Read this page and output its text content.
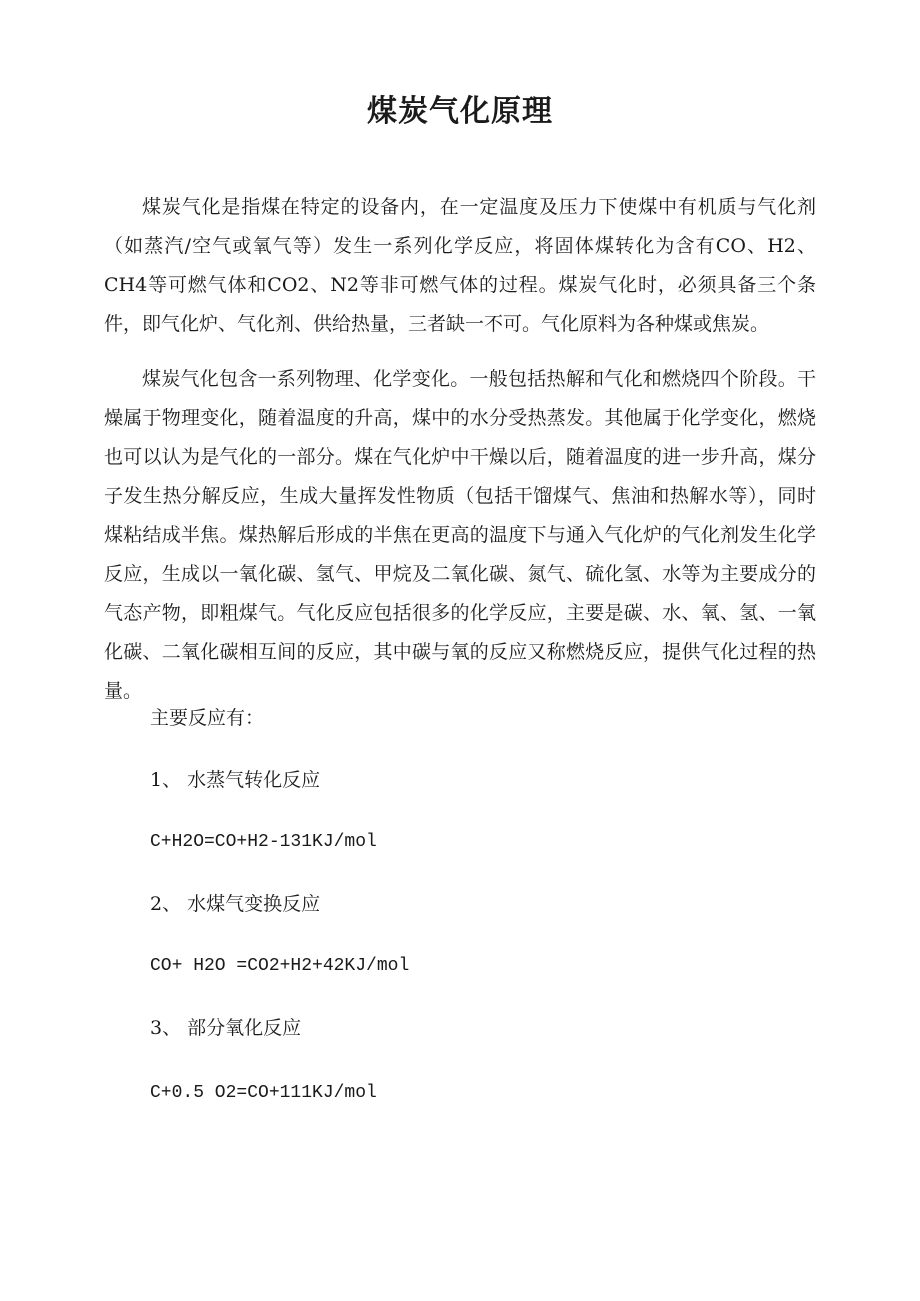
煤炭气化原理

煤炭气化是指煤在特定的设备内，在一定温度及压力下使煤中有机质与气化剂（如蒸汽/空气或氧气等）发生一系列化学反应，将固体煤转化为含有CO、H2、CH4等可燃气体和CO2、N2等非可燃气体的过程。煤炭气化时，必须具备三个条件，即气化炉、气化剂、供给热量，三者缺一不可。气化原料为各种煤或焦炭。

煤炭气化包含一系列物理、化学变化。一般包括热解和气化和燃烧四个阶段。干燥属于物理变化，随着温度的升高，煤中的水分受热蒸发。其他属于化学变化，燃烧也可以认为是气化的一部分。煤在气化炉中干燥以后，随着温度的进一步升高，煤分子发生热分解反应，生成大量挥发性物质（包括干馏煤气、焦油和热解水等），同时煤粘结成半焦。煤热解后形成的半焦在更高的温度下与通入气化炉的气化剂发生化学反应，生成以一氧化碳、氢气、甲烷及二氧化碳、氮气、硫化氢、水等为主要成分的气态产物，即粗煤气。气化反应包括很多的化学反应，主要是碳、水、氧、氢、一氧化碳、二氧化碳相互间的反应，其中碳与氧的反应又称燃烧反应，提供气化过程的热量。

主要反应有：
1、 水蒸气转化反应
C+H2O=CO+H2-131KJ/mol
2、 水煤气变换反应
CO+ H2O =CO2+H2+42KJ/mol
3、 部分氧化反应
C+0.5 O2=CO+111KJ/mol
